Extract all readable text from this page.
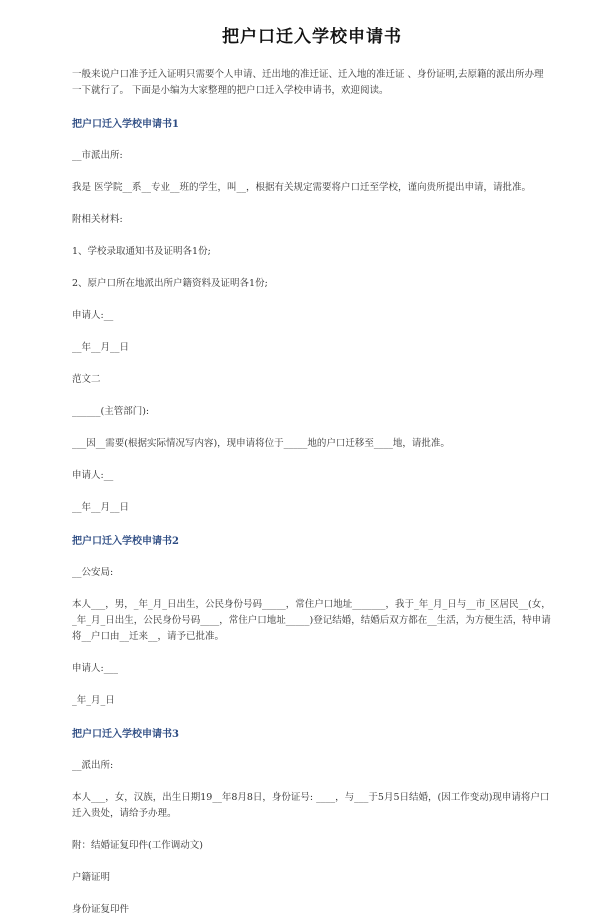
把户口迁入学校申请书

一般来说户口准予迁入证明只需要个人申请、迁出地的准迁证、迁入地的准迁证 、身份证明,去原籍的派出所办理一下就行了。 下面是小编为大家整理的把户口迁入学校申请书，欢迎阅读。

把户口迁入学校申请书1

__市派出所:

我是 医学院__系__专业__班的学生，叫__，根据有关规定需要将户口迁至学校，谨向贵所提出申请，请批准。

附相关材料:

1、学校录取通知书及证明各1份;

2、原户口所在地派出所户籍资料及证明各1份;

申请人:__

__年__月__日

范文二

______(主管部门):

___因__需要(根据实际情况写内容)，现申请将位于_____地的户口迁移至____地，请批准。

申请人:__

__年__月__日

把户口迁入学校申请书2

__公安局:

本人___，男，_年_月_日出生，公民身份号码_____，常住户口地址_______，我于_年_月_日与__市_区居民__(女，_年_月_日出生，公民身份号码____，常住户口地址_____)登记结婚，结婚后双方都在__生活，为方便生活，特申请将__户口由__迁来__，请予已批准。

申请人:___

_年_月_日

把户口迁入学校申请书3

__派出所:

本人___，女，汉族，出生日期19__年8月8日，身份证号: ____，与___于5月5日结婚，(因工作变动)现申请将户口迁入贵处，请给予办理。

附：结婚证复印件(工作调动文)

户籍证明

身份证复印件
